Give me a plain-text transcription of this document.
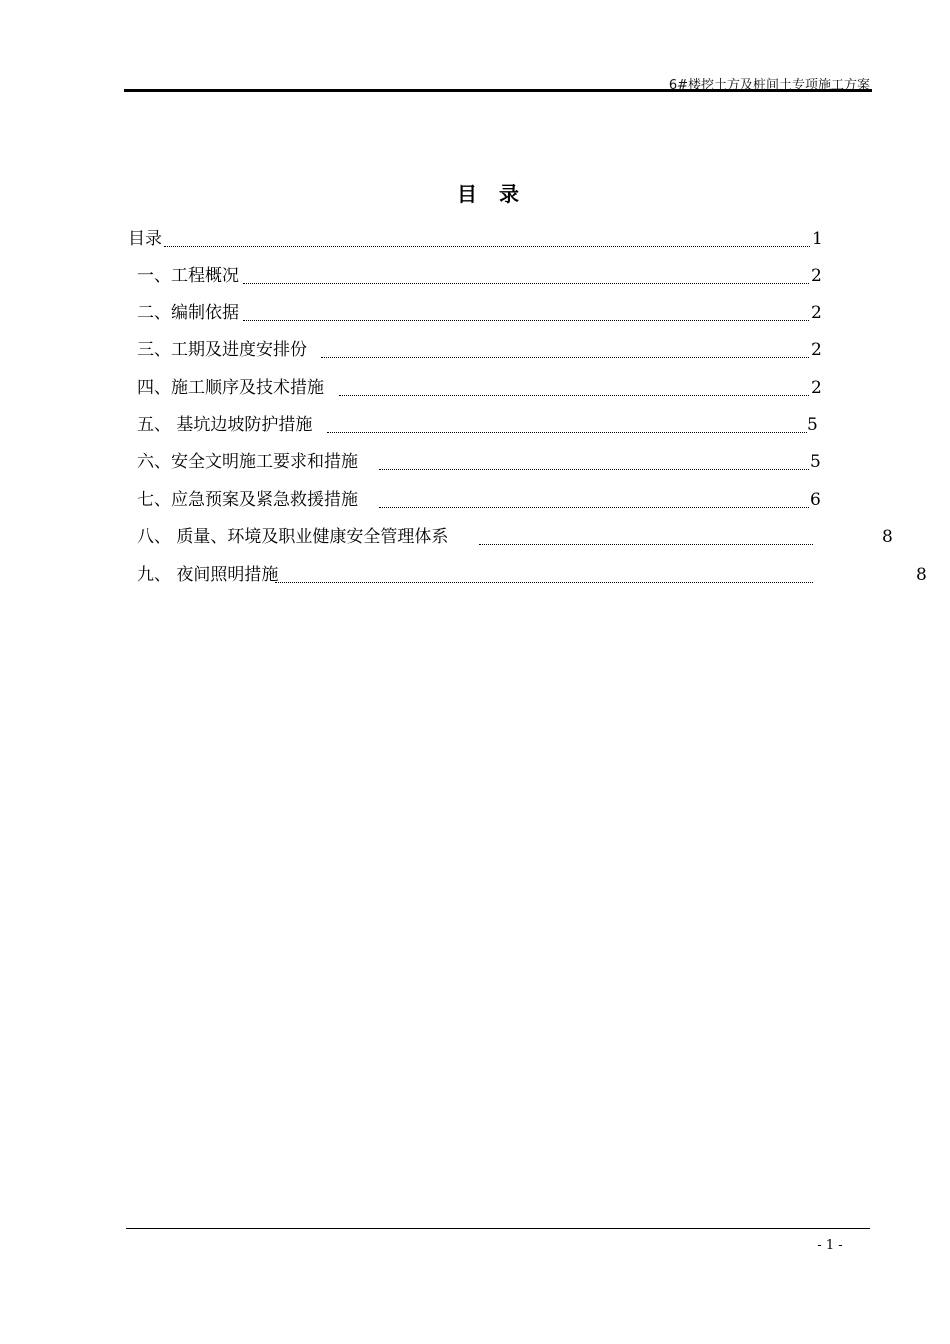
6#楼挖土方及桩间土专项施工方案
目录
目录	1
一、工程概况	2
二、编制依据	2
三、工期及进度安排份	2
四、施工顺序及技术措施	2
五、 基坑边坡防护措施	5
六、安全文明施工要求和措施	5
七、应急预案及紧急救援措施	6
八、 质量、环境及职业健康安全管理体系	8
九、 夜间照明措施	8
- 1 -
